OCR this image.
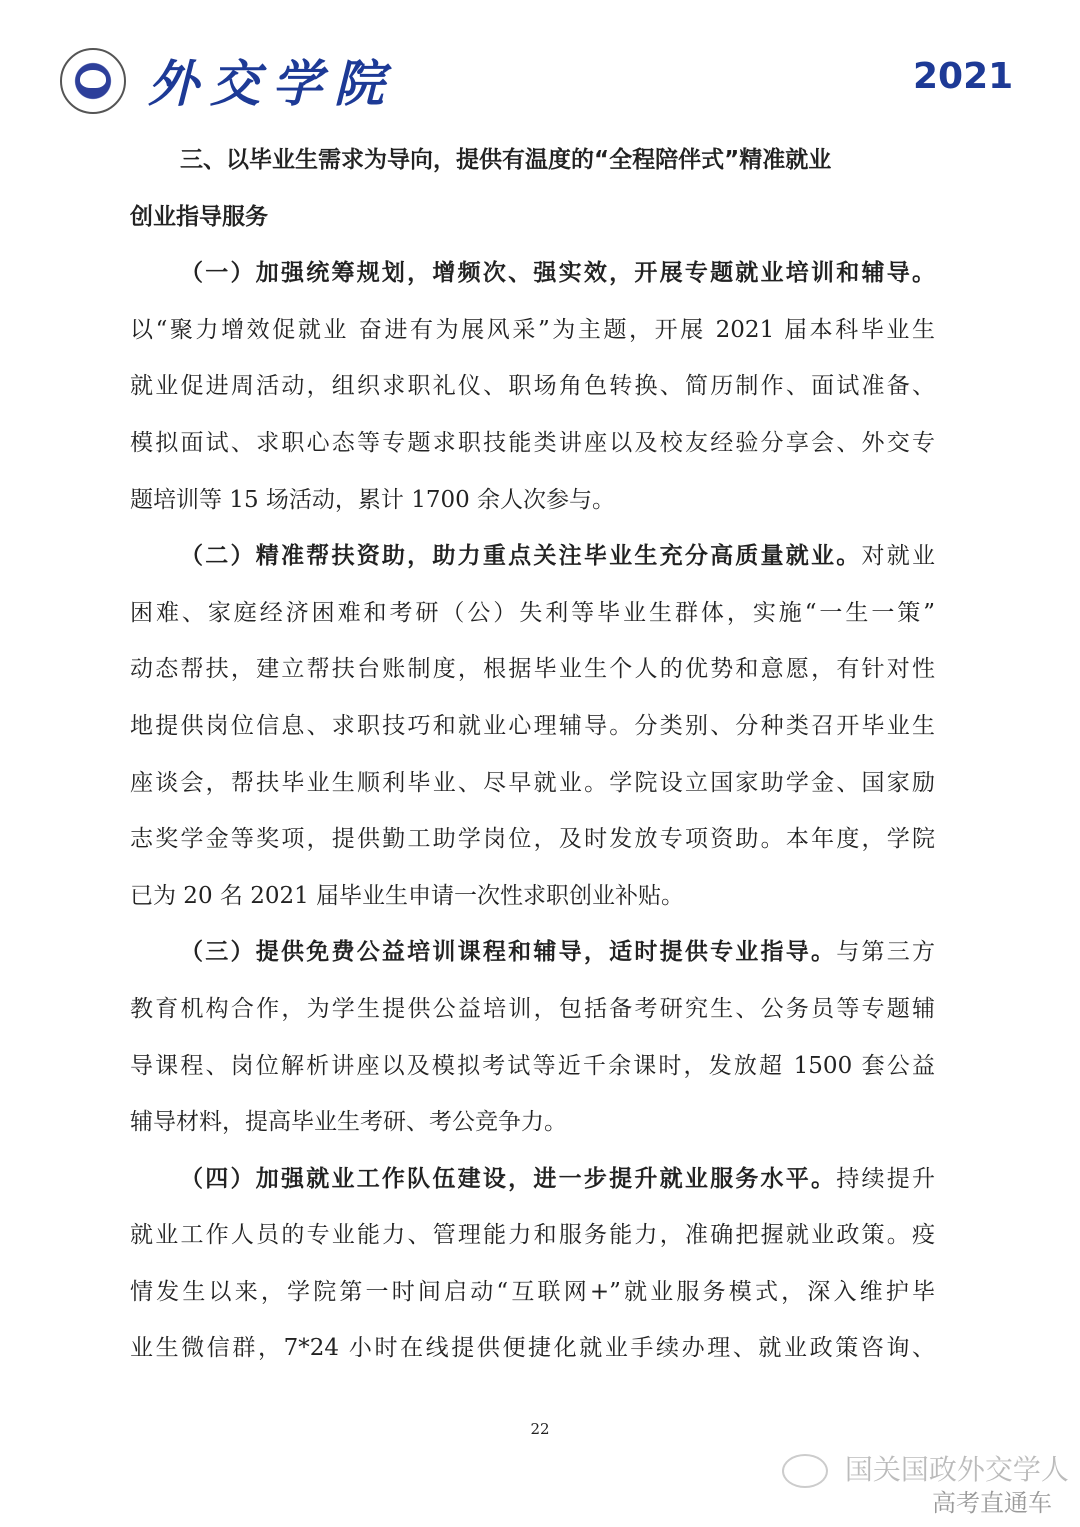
外交学院	2021
三、以毕业生需求为导向，提供有温度的“全程陪伴式”精准就业
创业指导服务
（一）加强统筹规划，增频次、强实效，开展专题就业培训和辅导。
以“聚力增效促就业 奋进有为展风采”为主题，开展 2021 届本科毕业生
就业促进周活动，组织求职礼仪、职场角色转换、简历制作、面试准备、
模拟面试、求职心态等专题求职技能类讲座以及校友经验分享会、外交专
题培训等 15 场活动，累计 1700 余人次参与。
（二）精准帮扶资助，助力重点关注毕业生充分高质量就业。对就业
困难、家庭经济困难和考研（公）失利等毕业生群体，实施“一生一策”
动态帮扶，建立帮扶台账制度，根据毕业生个人的优势和意愿，有针对性
地提供岗位信息、求职技巧和就业心理辅导。分类别、分种类召开毕业生
座谈会，帮扶毕业生顺利毕业、尽早就业。学院设立国家助学金、国家励
志奖学金等奖项，提供勤工助学岗位，及时发放专项资助。本年度，学院
已为 20 名 2021 届毕业生申请一次性求职创业补贴。
（三）提供免费公益培训课程和辅导，适时提供专业指导。与第三方
教育机构合作，为学生提供公益培训，包括备考研究生、公务员等专题辅
导课程、岗位解析讲座以及模拟考试等近千余课时，发放超 1500 套公益
辅导材料，提高毕业生考研、考公竞争力。
（四）加强就业工作队伍建设，进一步提升就业服务水平。持续提升
就业工作人员的专业能力、管理能力和服务能力，准确把握就业政策。疫
情发生以来，学院第一时间启动“互联网+”就业服务模式，深入维护毕
业生微信群，7*24 小时在线提供便捷化就业手续办理、就业政策咨询、
22
国关国政外交学人
高考直通车
